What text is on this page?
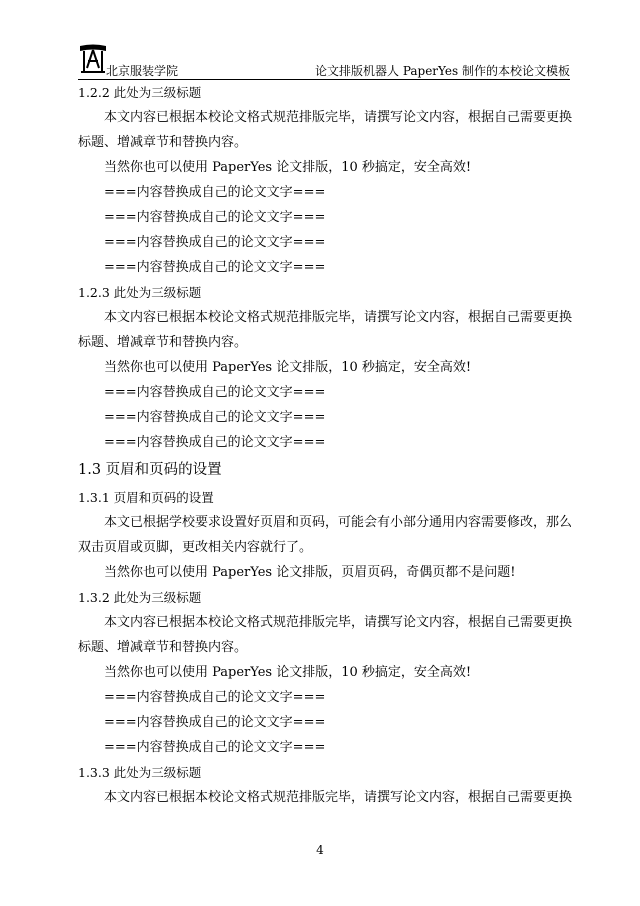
北京服装学院	论文排版机器人 PaperYes 制作的本校论文模板
1.2.2 此处为三级标题
本文内容已根据本校论文格式规范排版完毕，请撰写论文内容，根据自己需要更换
标题、增减章节和替换内容。
当然你也可以使用 PaperYes 论文排版，10 秒搞定，安全高效!
===内容替换成自己的论文文字===
===内容替换成自己的论文文字===
===内容替换成自己的论文文字===
===内容替换成自己的论文文字===
1.2.3 此处为三级标题
本文内容已根据本校论文格式规范排版完毕，请撰写论文内容，根据自己需要更换
标题、增减章节和替换内容。
当然你也可以使用 PaperYes 论文排版，10 秒搞定，安全高效!
===内容替换成自己的论文文字===
===内容替换成自己的论文文字===
===内容替换成自己的论文文字===
1.3 页眉和页码的设置
1.3.1 页眉和页码的设置
本文已根据学校要求设置好页眉和页码，可能会有小部分通用内容需要修改，那么
双击页眉或页脚，更改相关内容就行了。
当然你也可以使用 PaperYes 论文排版，页眉页码，奇偶页都不是问题!
1.3.2 此处为三级标题
本文内容已根据本校论文格式规范排版完毕，请撰写论文内容，根据自己需要更换
标题、增减章节和替换内容。
当然你也可以使用 PaperYes 论文排版，10 秒搞定，安全高效!
===内容替换成自己的论文文字===
===内容替换成自己的论文文字===
===内容替换成自己的论文文字===
1.3.3 此处为三级标题
本文内容已根据本校论文格式规范排版完毕，请撰写论文内容，根据自己需要更换
4
